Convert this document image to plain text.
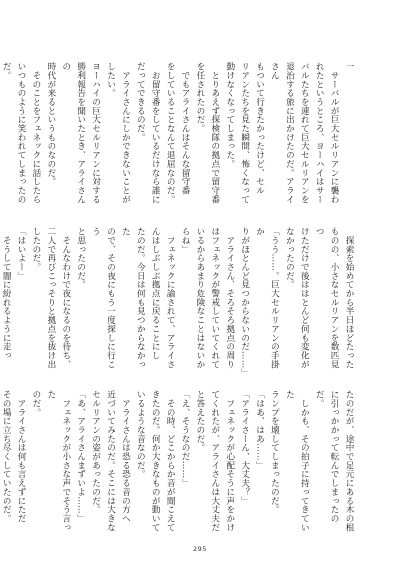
一
　サーバルが巨大セルリアンに襲わ
れたというところ、ヨーハイはサー
バルたちを連れて巨大セルリアンを
退治する旅に出かけたのだ。アライさん
もついて行きたかったけど、セル
リアンたちを見た瞬間、怖くなって
動けなくなってしまった。
　とりあえず探検隊の拠点で留守番
を任されたのだ。
　でもアライさんはそんな留守番
をしていることなんて退屈なのだ。
　お留守番をしているだけなら誰に
だってできるのだ。
　アライさんにしかできないことがしたい。
ヨーハイの巨大セルリアンに対する
勝利報告を聞いたとき、アライさんの
時代が来るというものなのだ。
　そのことをフェネックに話したら
いつものように笑われてしまったのだ。
　探索を始めてから半日ほどたった
ものの、小さなセルリアンを数匹見つ
けただけで後ははとんど何も変化が
なかったのだ。
「うう……。巨大セルリアンの手掛か
りがほとんど見つからないのだ……」
　アライさん、そろそろ拠点の周り
はフェネックが警戒していてくれて
いるからあまり危険なことはないか
らね」
　フェネックに諭されて、アライさ
んはしぶしぶ拠点に戻ることにし
たのだ。今日は何も見つからなかった
ので、その夜にもう一度探しに行こう
と思ったのだ。
　そんなわけで夜になるのを待ち、
二人で再びこっそりと拠点を抜け出
したのだ。
「はいよー」
　そうして闇に紛れるように走っ
たのだが、途中で足元にある木の根
に引っかかって転んでしまったのだ。
　しかも、その拍子に持ってきていた
ランプを壊してしまったのだ。
「はあ、はあ……」
「アライさーん、大丈夫？」
　フェネックが心配そうに声をかけ
てくれたが、アライさんは大丈夫だ
と答えたのだ。
「え、そうなのだ……」
　その時、どこからか音が聞こえて
きたのだ。何か大きなものが動いて
いるような音なのだ。
　アライさんは恐る恐る音の方へ
近づいてみたのだ。そこには大きな
セルリアンの姿があったのだ。
「あ、アライさんまずいよ……」
　フェネックが小さな声でそう言った
のだ。
　アライさんは何も言えずにただ
その場に立ち尽くしていたのだ。
295
